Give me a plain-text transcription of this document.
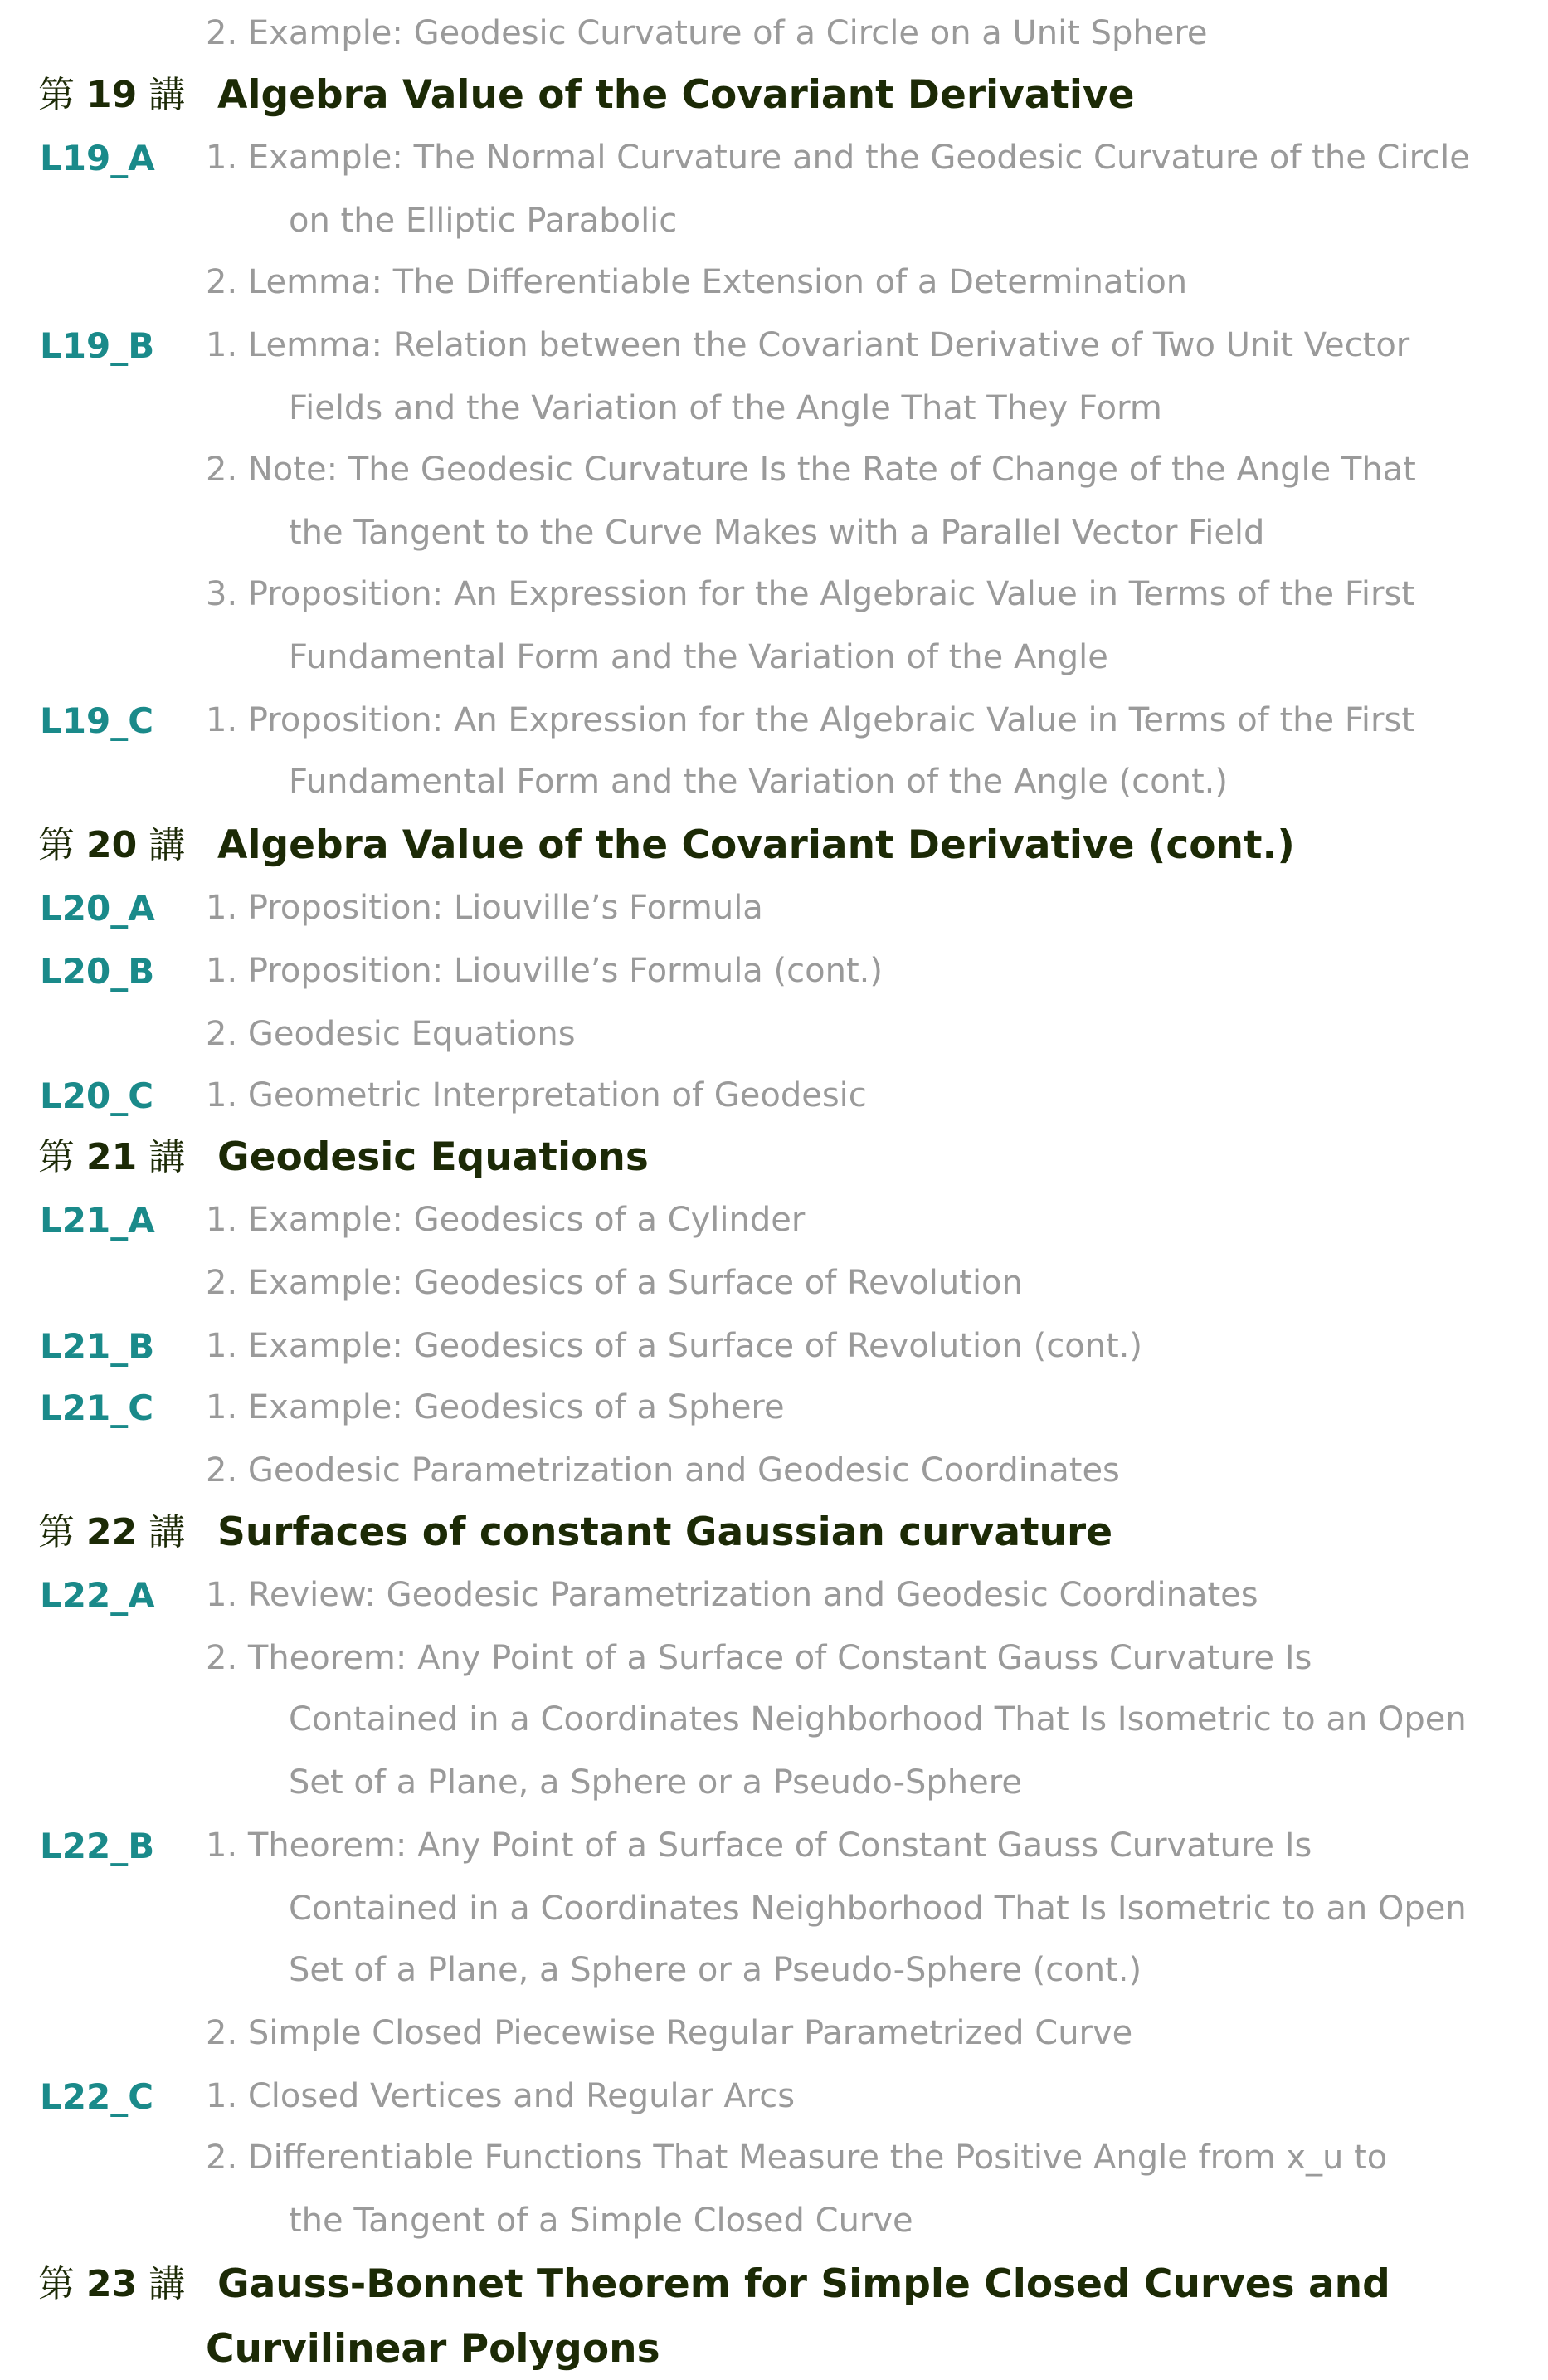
2. Example: Geodesic Curvature of a Circle on a Unit Sphere
第 19 講 Algebra Value of the Covariant Derivative
L19_A 1. Example: The Normal Curvature and the Geodesic Curvature of the Circle
on the Elliptic Parabolic
2. Lemma: The Differentiable Extension of a Determination
L19_B 1. Lemma: Relation between the Covariant Derivative of Two Unit Vector
Fields and the Variation of the Angle That They Form
2. Note: The Geodesic Curvature Is the Rate of Change of the Angle That
the Tangent to the Curve Makes with a Parallel Vector Field
3. Proposition: An Expression for the Algebraic Value in Terms of the First
Fundamental Form and the Variation of the Angle
L19_C 1. Proposition: An Expression for the Algebraic Value in Terms of the First
Fundamental Form and the Variation of the Angle (cont.)
第 20 講 Algebra Value of the Covariant Derivative (cont.)
L20_A 1. Proposition: Liouville’s Formula
L20_B 1. Proposition: Liouville’s Formula (cont.)
2. Geodesic Equations
L20_C 1. Geometric Interpretation of Geodesic
第 21 講 Geodesic Equations
L21_A 1. Example: Geodesics of a Cylinder
2. Example: Geodesics of a Surface of Revolution
L21_B 1. Example: Geodesics of a Surface of Revolution (cont.)
L21_C 1. Example: Geodesics of a Sphere
2. Geodesic Parametrization and Geodesic Coordinates
第 22 講 Surfaces of constant Gaussian curvature
L22_A 1. Review: Geodesic Parametrization and Geodesic Coordinates
2. Theorem: Any Point of a Surface of Constant Gauss Curvature Is
Contained in a Coordinates Neighborhood That Is Isometric to an Open
Set of a Plane, a Sphere or a Pseudo-Sphere
L22_B 1. Theorem: Any Point of a Surface of Constant Gauss Curvature Is
Contained in a Coordinates Neighborhood That Is Isometric to an Open
Set of a Plane, a Sphere or a Pseudo-Sphere (cont.)
2. Simple Closed Piecewise Regular Parametrized Curve
L22_C 1. Closed Vertices and Regular Arcs
2. Differentiable Functions That Measure the Positive Angle from x_u to
the Tangent of a Simple Closed Curve
第 23 講 Gauss-Bonnet Theorem for Simple Closed Curves and
Curvilinear Polygons
